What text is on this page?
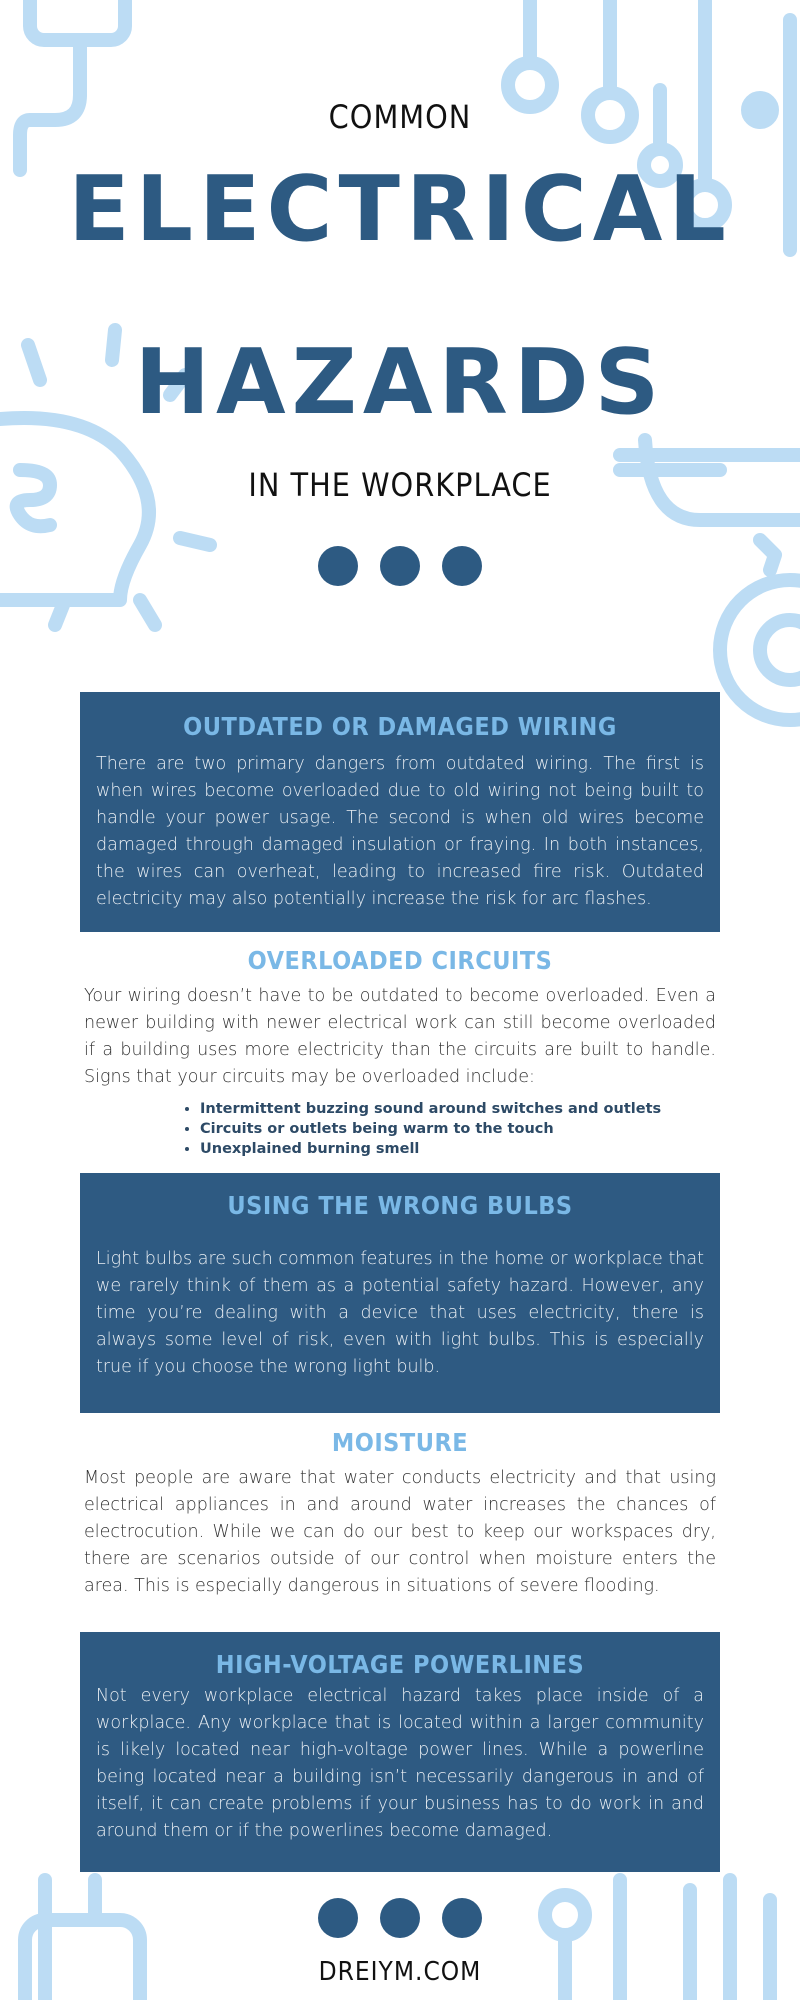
COMMON
ELECTRICAL
HAZARDS
IN THE WORKPLACE
OUTDATED OR DAMAGED WIRING
There are two primary dangers from outdated wiring. The first is when wires become overloaded due to old wiring not being built to handle your power usage. The second is when old wires become damaged through damaged insulation or fraying. In both instances, the wires can overheat, leading to increased fire risk. Outdated electricity may also potentially increase the risk for arc flashes.
OVERLOADED CIRCUITS
Your wiring doesn’t have to be outdated to become overloaded. Even a newer building with newer electrical work can still become overloaded if a building uses more electricity than the circuits are built to handle. Signs that your circuits may be overloaded include:
• Intermittent buzzing sound around switches and outlets
• Circuits or outlets being warm to the touch
• Unexplained burning smell
USING THE WRONG BULBS
Light bulbs are such common features in the home or workplace that we rarely think of them as a potential safety hazard. However, any time you’re dealing with a device that uses electricity, there is always some level of risk, even with light bulbs. This is especially true if you choose the wrong light bulb.
MOISTURE
Most people are aware that water conducts electricity and that using electrical appliances in and around water increases the chances of electrocution. While we can do our best to keep our workspaces dry, there are scenarios outside of our control when moisture enters the area. This is especially dangerous in situations of severe flooding.
HIGH-VOLTAGE POWERLINES
Not every workplace electrical hazard takes place inside of a workplace. Any workplace that is located within a larger community is likely located near high-voltage power lines. While a powerline being located near a building isn’t necessarily dangerous in and of itself, it can create problems if your business has to do work in and around them or if the powerlines become damaged.
DREIYM.COM
